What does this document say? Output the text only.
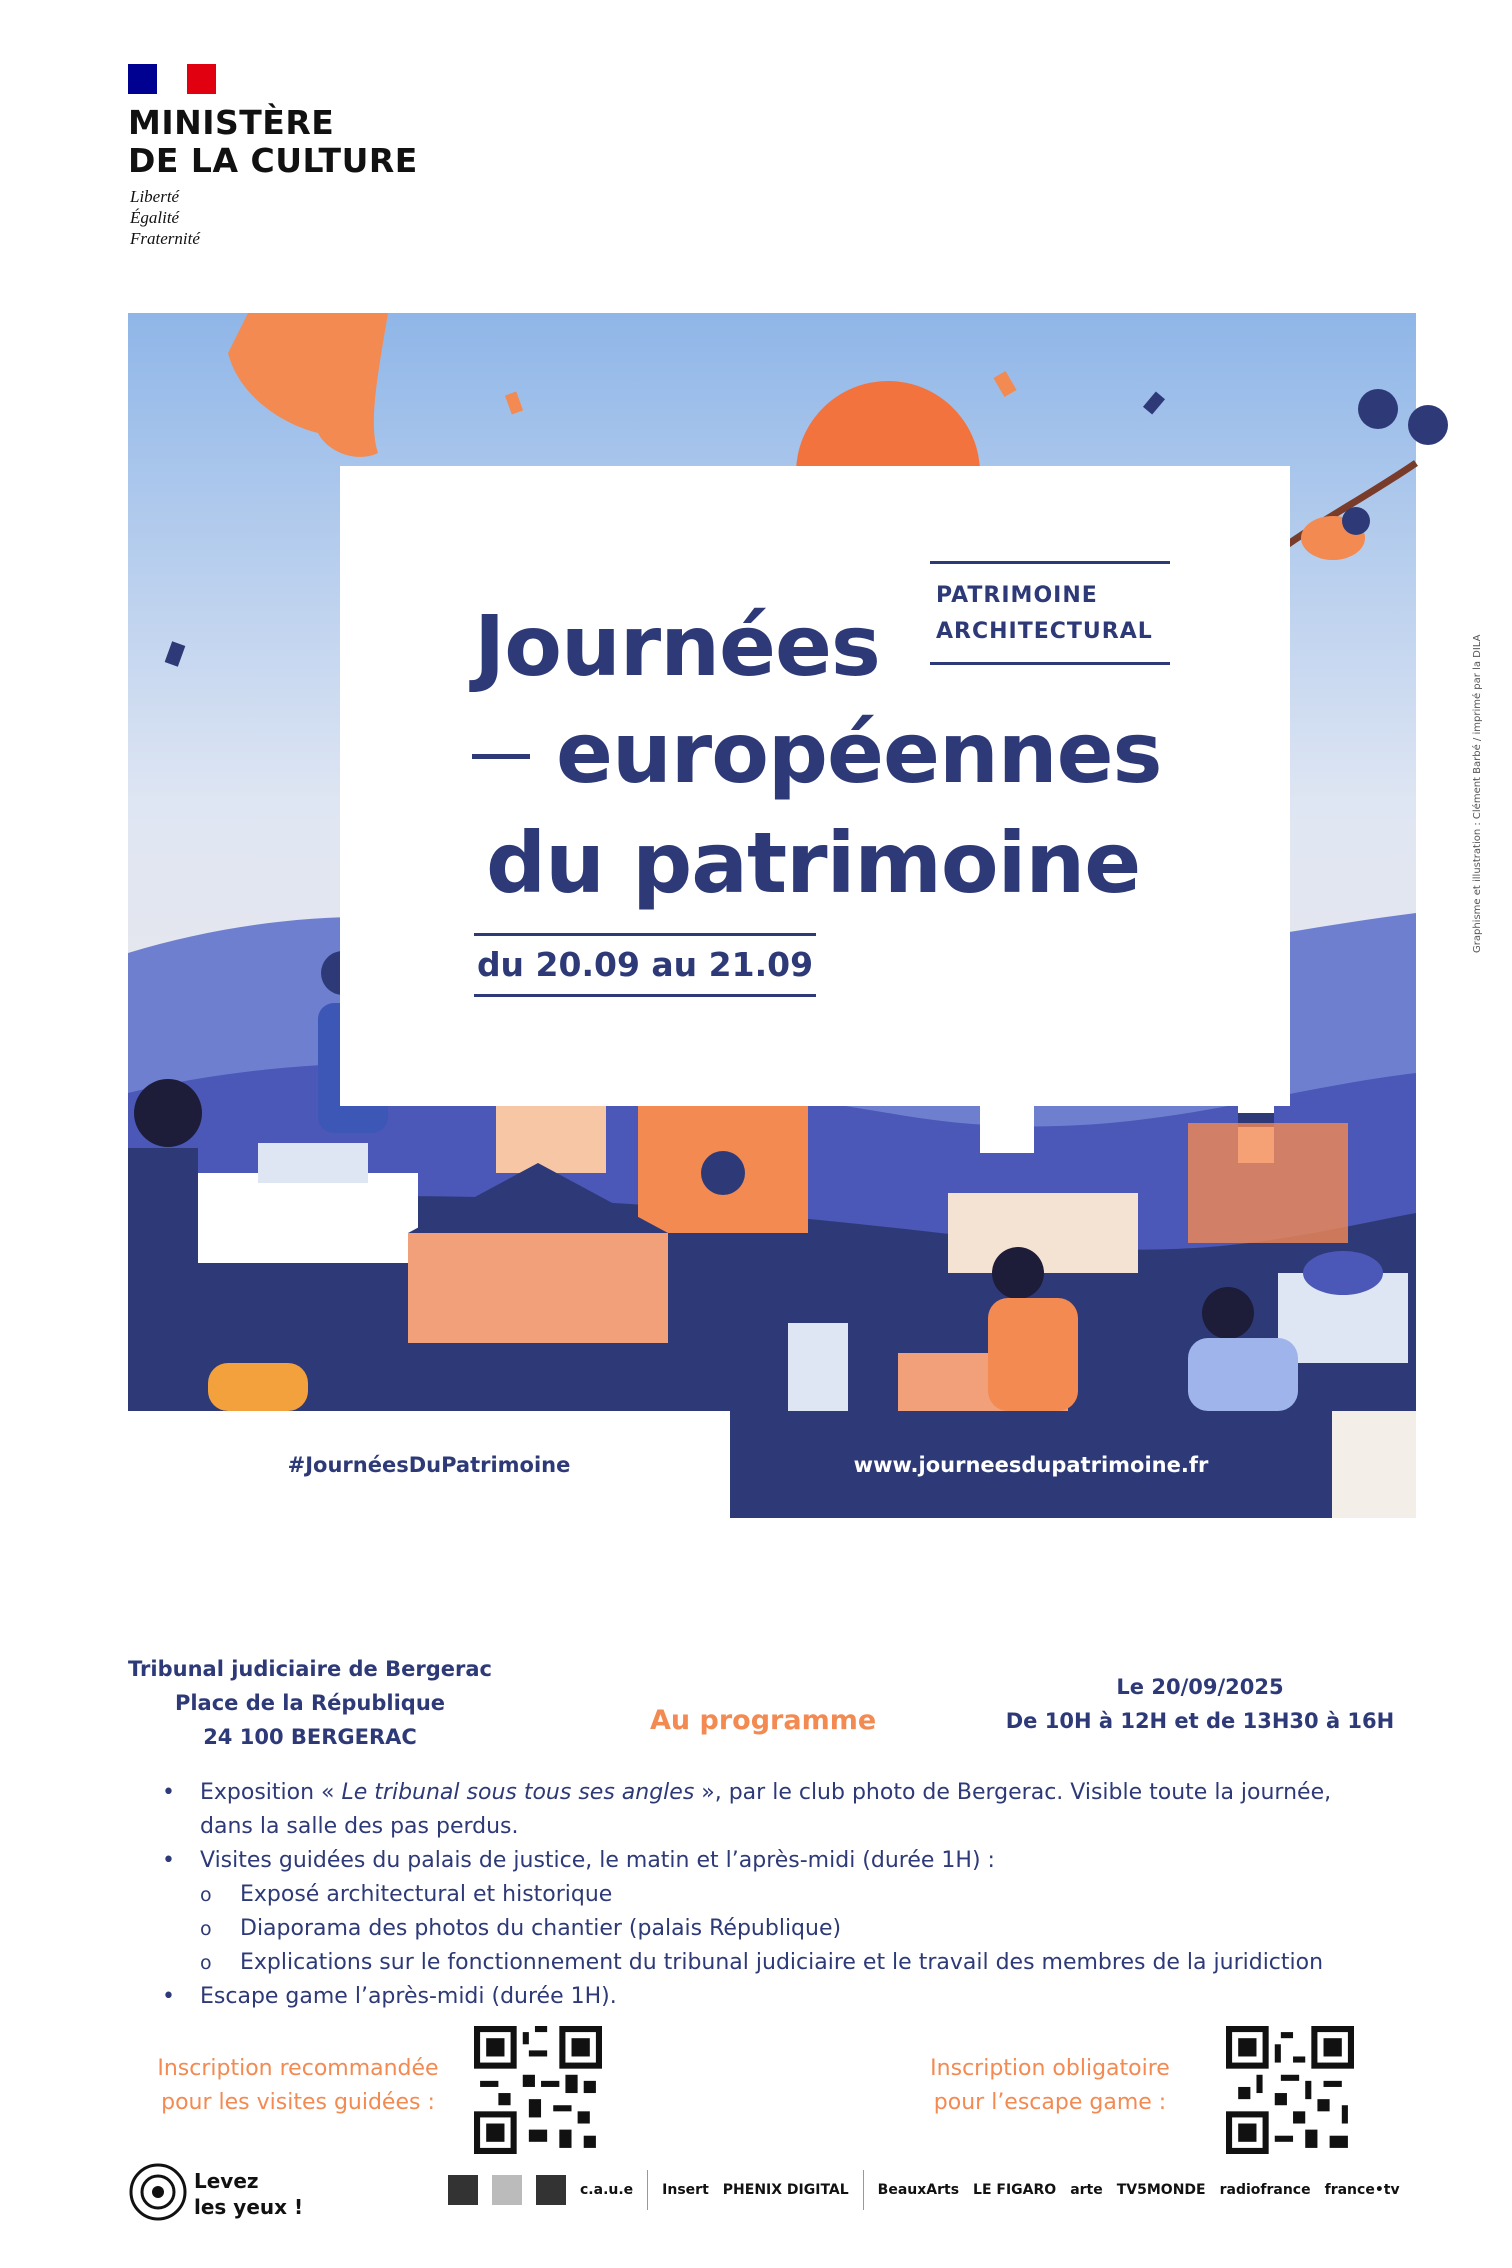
MINISTÈRE
DE LA CULTURE
Liberté
Égalité
Fraternité
PATRIMOINE
ARCHITECTURAL
Journées
européennes
du patrimoine
du 20.09 au 21.09
Graphisme et illustration : Clément Barbé / imprimé par la DILA
#JournéesDuPatrimoine	www.journeesdupatrimoine.fr
Tribunal judiciaire de Bergerac
Place de la République
24 100 BERGERAC
Au programme
Le 20/09/2025
De 10H à 12H et de 13H30 à 16H
• Exposition « Le tribunal sous tous ses angles », par le club photo de Bergerac. Visible toute la journée,
dans la salle des pas perdus.
• Visites guidées du palais de justice, le matin et l’après-midi (durée 1H) :
o Exposé architectural et historique
o Diaporama des photos du chantier (palais République)
o Explications sur le fonctionnement du tribunal judiciaire et le travail des membres de la juridiction
• Escape game l’après-midi (durée 1H).
Inscription recommandée
pour les visites guidées :
Inscription obligatoire
pour l’escape game :
Levez
les yeux !
c.a.u.e Insert PHENIX DIGITAL BeauxArts LE FIGARO arte TV5MONDE radiofrance france•tv
